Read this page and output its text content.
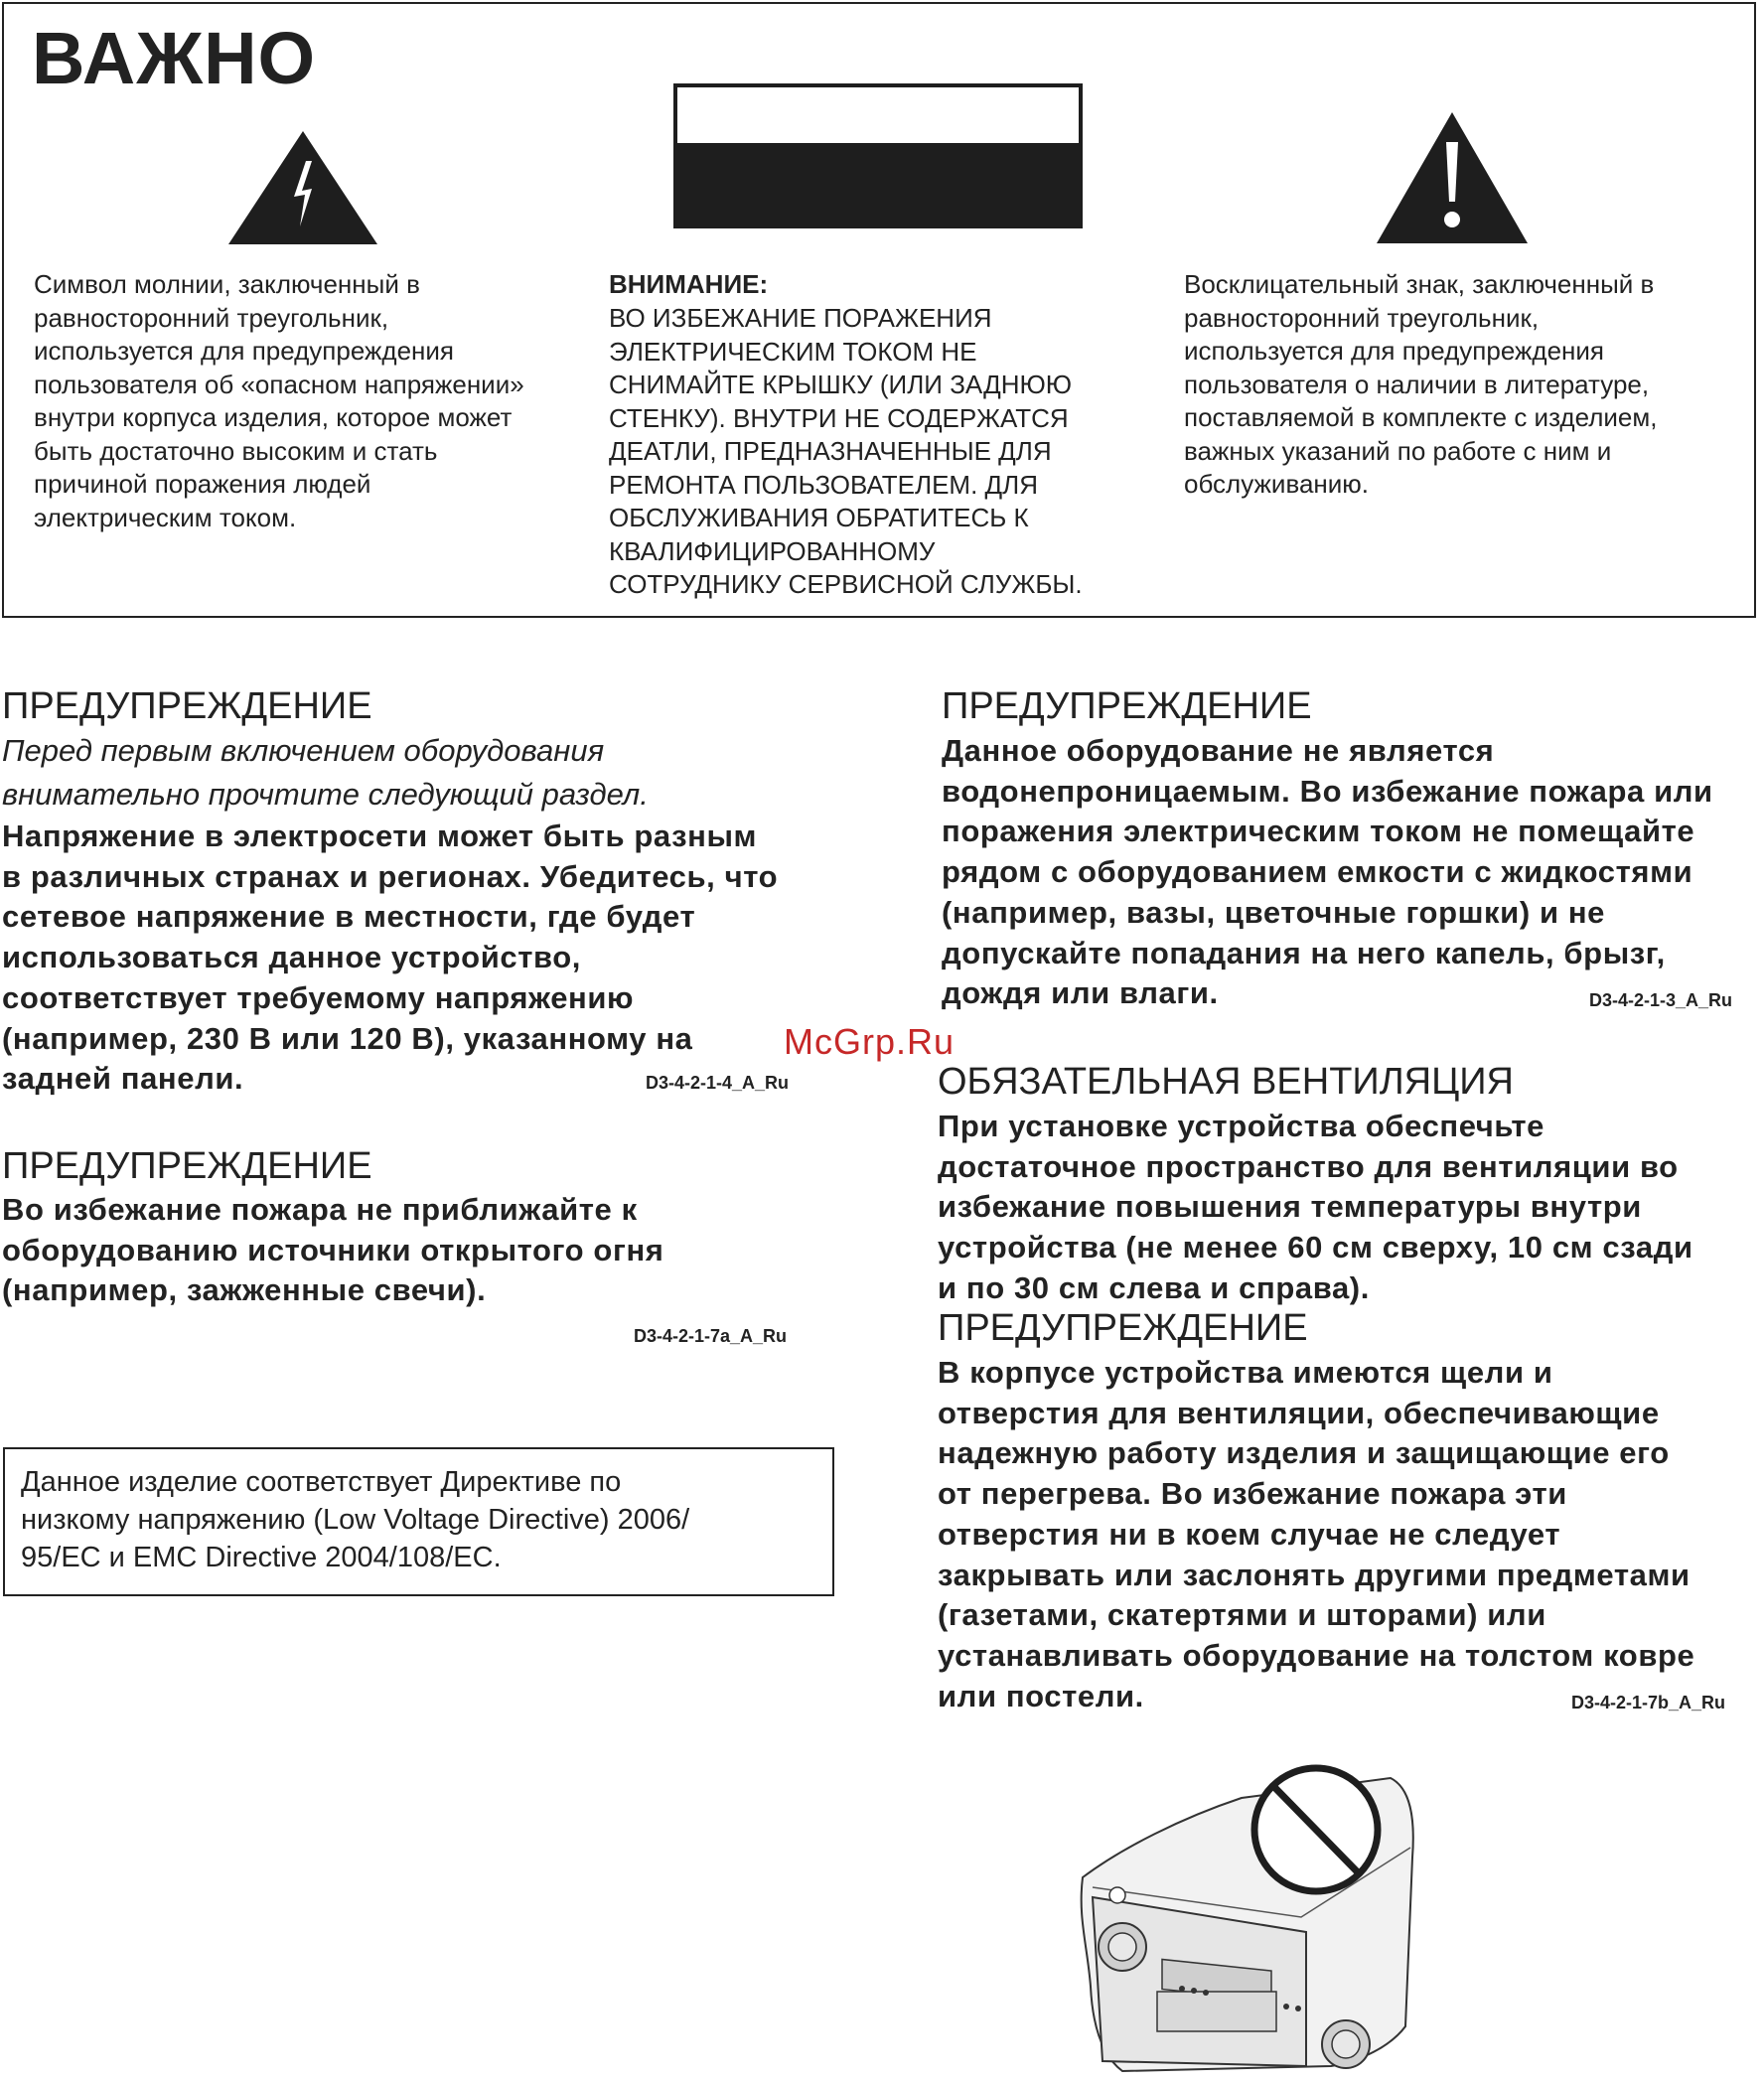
ВАЖНО
Символ молнии, заключенный в
равносторонний треугольник,
используется для предупреждения
пользователя об «опасном напряжении»
внутри корпуса изделия, которое может
быть достаточно высоким и стать
причиной поражения людей
электрическим током.
ВНИМАНИЕ:
ВО ИЗБЕЖАНИЕ ПОРАЖЕНИЯ
ЭЛЕКТРИЧЕСКИМ ТОКОМ НЕ
СНИМАЙТЕ КРЫШКУ (ИЛИ ЗАДНЮЮ
СТЕНКУ). ВНУТРИ НЕ СОДЕРЖАТСЯ
ДЕАТЛИ, ПРЕДНАЗНАЧЕННЫЕ ДЛЯ
РЕМОНТА ПОЛЬЗОВАТЕЛЕМ. ДЛЯ
ОБСЛУЖИВАНИЯ ОБРАТИТЕСЬ К
КВАЛИФИЦИРОВАННОМУ
СОТРУДНИКУ СЕРВИСНОЙ СЛУЖБЫ.
Восклицательный знак, заключенный в
равносторонний треугольник,
используется для предупреждения
пользователя о наличии в литературе,
поставляемой в комплекте с изделием,
важных указаний по работе с ним и
обслуживанию.
ПРЕДУПРЕЖДЕНИЕ
Перед первым включением оборудования
внимательно прочтите следующий раздел.
Напряжение в электросети может быть разным
в различных странах и регионах. Убедитесь, что
сетевое напряжение в местности, где будет
использоваться данное устройство,
соответствует требуемому напряжению
(например, 230 В или 120 В), указанному на
задней панели.	D3-4-2-1-4_A_Ru
ПРЕДУПРЕЖДЕНИЕ
Во избежание пожара не приближайте к
оборудованию источники открытого огня
(например, зажженные свечи).
D3-4-2-1-7a_A_Ru
Данное изделие соответствует Директиве по
низкому напряжению (Low Voltage Directive) 2006/
95/EC и EMC Directive 2004/108/EC.
McGrp.Ru
ПРЕДУПРЕЖДЕНИЕ
Данное оборудование не является
водонепроницаемым. Во избежание пожара или
поражения электрическим током не помещайте
рядом с оборудованием емкости с жидкостями
(например, вазы, цветочные горшки) и не
допускайте попадания на него капель, брызг,
дождя или влаги.	D3-4-2-1-3_A_Ru
ОБЯЗАТЕЛЬНАЯ ВЕНТИЛЯЦИЯ
При установке устройства обеспечьте
достаточное пространство для вентиляции во
избежание повышения температуры внутри
устройства (не менее 60 см сверху, 10 см сзади
и по 30 см слева и справа).
ПРЕДУПРЕЖДЕНИЕ
В корпусе устройства имеются щели и
отверстия для вентиляции, обеспечивающие
надежную работу изделия и защищающие его
от перегрева. Во избежание пожара эти
отверстия ни в коем случае не следует
закрывать или заслонять другими предметами
(газетами, скатертями и шторами) или
устанавливать оборудование на толстом ковре
или постели.	D3-4-2-1-7b_A_Ru
